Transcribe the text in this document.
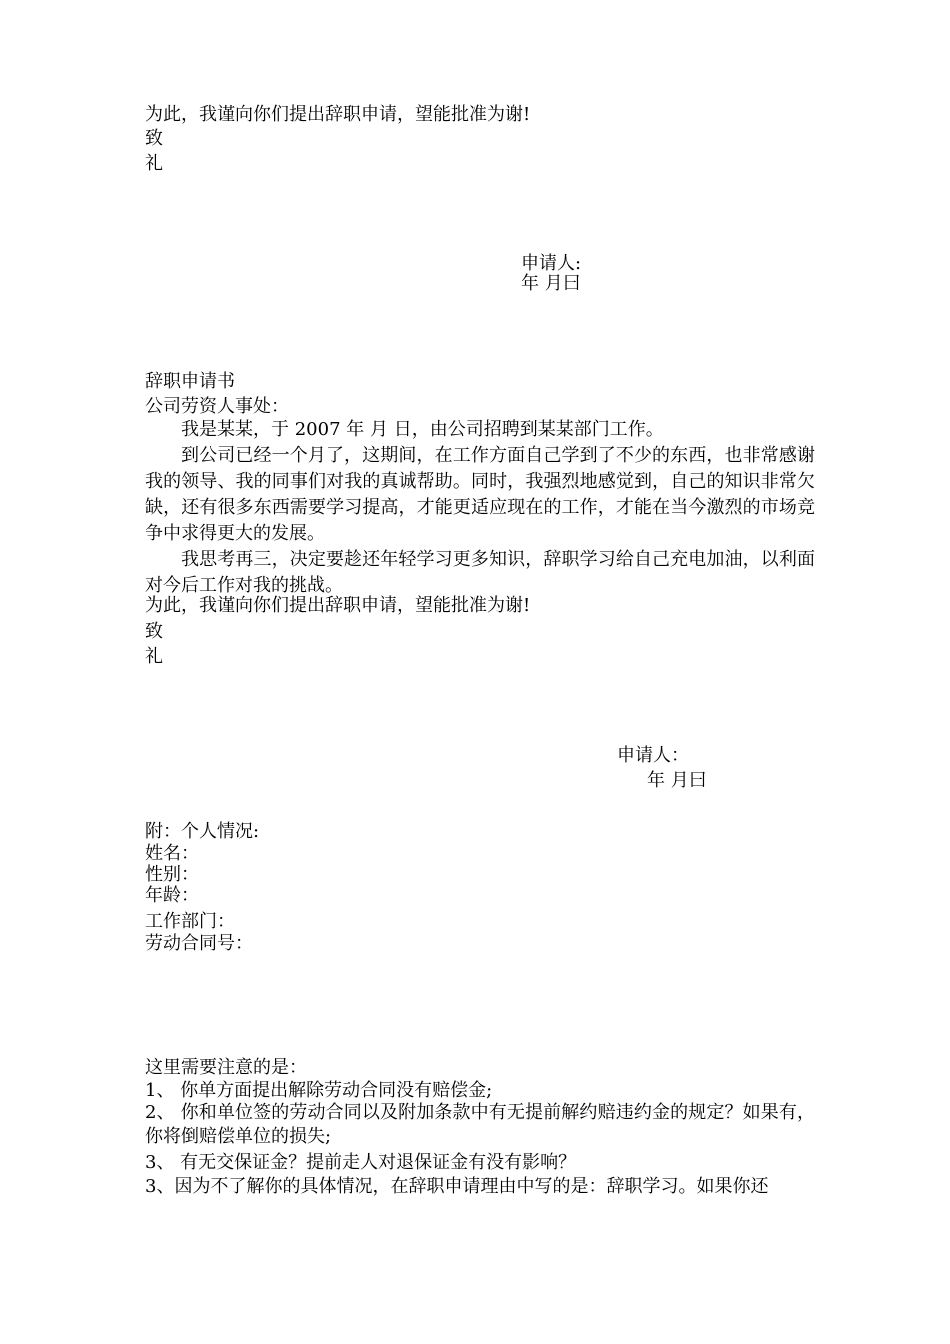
为此，我谨向你们提出辞职申请，望能批准为谢!
致
礼
申请人:
年 月曰
辞职申请书
公司劳资人事处：

我是某某，于 2007 年 月 日，由公司招聘到某某部门工作。

到公司已经一个月了，这期间，在工作方面自己学到了不少的东西，也非常感谢我的领导、我的同事们对我的真诚帮助。同时，我强烈地感觉到，自己的知识非常欠缺，还有很多东西需要学习提高，才能更适应现在的工作，才能在当今激烈的市场竞争中求得更大的发展。

我思考再三，决定要趁还年轻学习更多知识，辞职学习给自己充电加油，以利面对今后工作对我的挑战。

为此，我谨向你们提出辞职申请，望能批准为谢!
致
礼
申请人：
年 月曰
附：个人情况:
姓名：
性别：
年龄：
工作部门：
劳动合同号：
这里需要注意的是：
1、 你单方面提出解除劳动合同没有赔偿金;
2、 你和单位签的劳动合同以及附加条款中有无提前解约赔违约金的规定？如果有，你将倒赔偿单位的损失;
3、 有无交保证金？提前走人对退保证金有没有影响？
3、因为不了解你的具体情况，在辞职申请理由中写的是：辞职学习。如果你还
